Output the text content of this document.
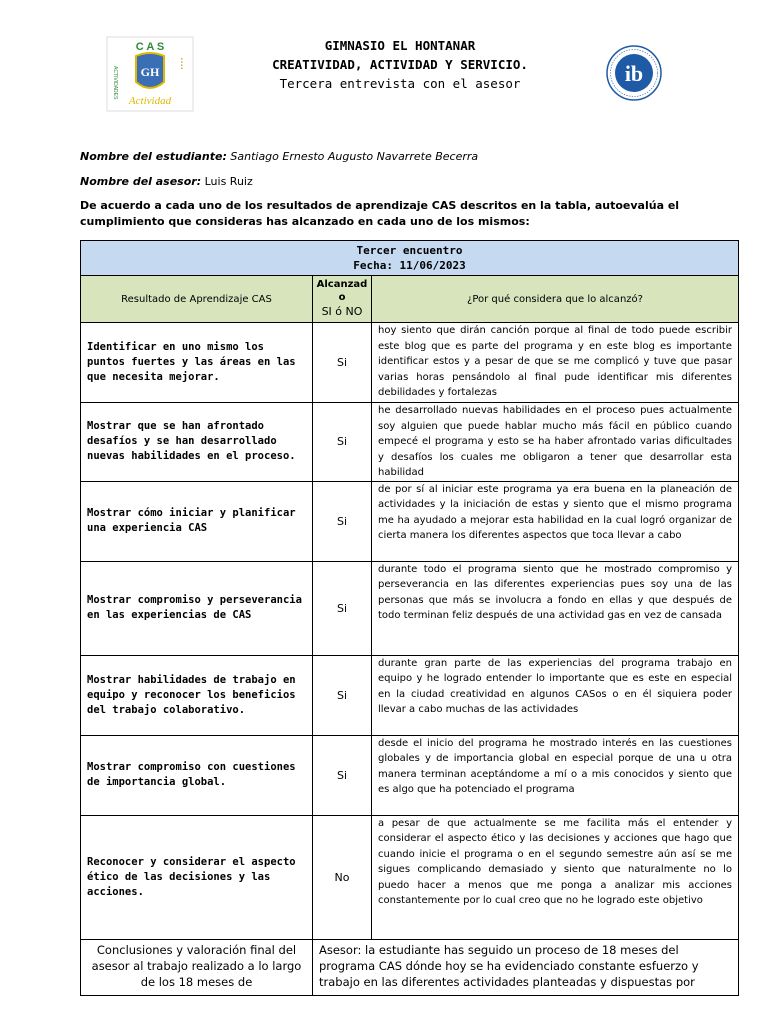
C A S
GH
ACTIVIDADES
• • • •
Actividad
GIMNASIO EL HONTANAR
CREATIVIDAD, ACTIVIDAD Y SERVICIO.
Tercera entrevista con el asesor	ib
Nombre del estudiante: Santiago Ernesto Augusto Navarrete Becerra
Nombre del asesor: Luis Ruiz
De acuerdo a cada uno de los resultados de aprendizaje CAS descritos en la tabla, autoevalúa el cumplimiento que consideras has alcanzado en cada uno de los mismos:
Tercer encuentro
Fecha: 11/06/2023		

Resultado de Aprendizaje CAS	Alcanzad
o
SI ó NO	¿Por qué considera que lo alcanzó?
Identificar en uno mismo los puntos fuertes y las áreas en las que necesita mejorar.	Si	hoy siento que dirán canción porque al final de todo puede escribir este blog que es parte del programa y en este blog es importante identificar estos y a pesar de que se me complicó y tuve que pasar varias horas pensándolo al final pude identificar mis diferentes debilidades y fortalezas
Mostrar que se han afrontado desafíos y se han desarrollado nuevas habilidades en el proceso.	Si	he desarrollado nuevas habilidades en el proceso pues actualmente soy alguien que puede hablar mucho más fácil en público cuando empecé el programa y esto se ha haber afrontado varias dificultades y desafíos los cuales me obligaron a tener que desarrollar esta habilidad
Mostrar cómo iniciar y planificar una experiencia CAS	Si	de por sí al iniciar este programa ya era buena en la planeación de actividades y la iniciación de estas y siento que el mismo programa me ha ayudado a mejorar esta habilidad en la cual logró organizar de cierta manera los diferentes aspectos que toca llevar a cabo
Mostrar compromiso y perseverancia en las experiencias de CAS	Si	durante todo el programa siento que he mostrado compromiso y perseverancia en las diferentes experiencias pues soy una de las personas que más se involucra a fondo en ellas y que después de todo terminan feliz después de una actividad gas en vez de cansada
Mostrar habilidades de trabajo en equipo y reconocer los beneficios del trabajo colaborativo.	Si	durante gran parte de las experiencias del programa trabajo en equipo y he logrado entender lo importante que es este en especial en la ciudad creatividad en algunos CASos o en él siquiera poder llevar a cabo muchas de las actividades
Mostrar compromiso con cuestiones de importancia global.	Si	desde el inicio del programa he mostrado interés en las cuestiones globales y de importancia global en especial porque de una u otra manera terminan aceptándome a mí o a mis conocidos y siento que es algo que ha potenciado el programa
Reconocer y considerar el aspecto ético de las decisiones y las acciones.	No	a pesar de que actualmente se me facilita más el entender y considerar el aspecto ético y las decisiones y acciones que hago que cuando inicie el programa o en el segundo semestre aún así se me sigues complicando demasiado y siento que naturalmente no lo puedo hacer a menos que me ponga a analizar mis acciones constantemente por lo cual creo que no he logrado este objetivo
Conclusiones y valoración final del asesor al trabajo realizado a lo largo de los 18 meses de	Asesor: la estudiante has seguido un proceso de 18 meses del programa CAS dónde hoy se ha evidenciado constante esfuerzo y trabajo en las diferentes actividades planteadas y dispuestas por	
